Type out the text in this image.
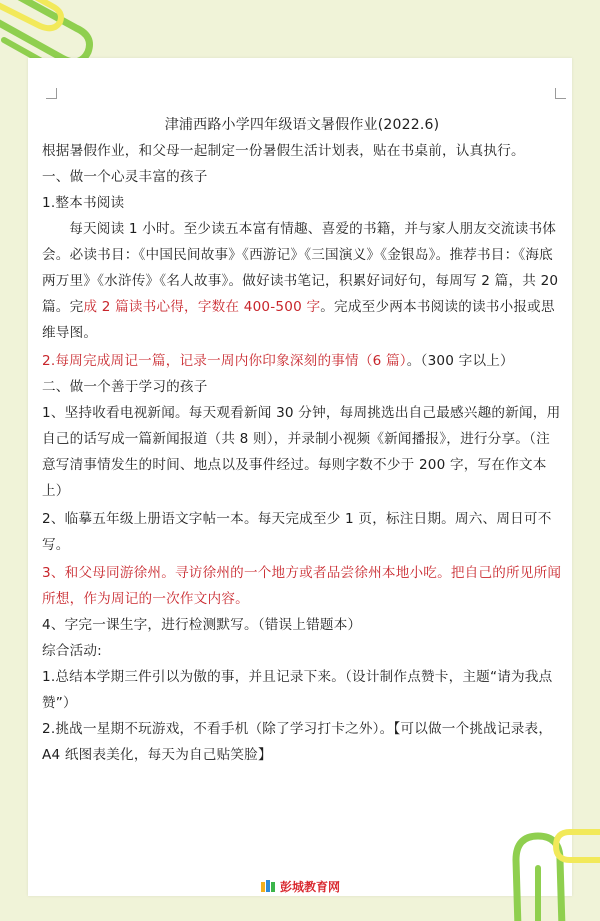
津浦西路小学四年级语文暑假作业(2022.6)

根据暑假作业，和父母一起制定一份暑假生活计划表，贴在书桌前，认真执行。

一、做一个心灵丰富的孩子

1.整本书阅读

每天阅读 1 小时。至少读五本富有情趣、喜爱的书籍，并与家人朋友交流读书体会。必读书目：《中国民间故事》《西游记》《三国演义》《金银岛》。推荐书目：《海底两万里》《水浒传》《名人故事》。做好读书笔记，积累好词好句，每周写 2 篇，共 20 篇。完成 2 篇读书心得，字数在 400-500 字。完成至少两本书阅读的读书小报或思维导图。

2.每周完成周记一篇，记录一周内你印象深刻的事情（6 篇）。（300 字以上）

二、做一个善于学习的孩子

1、坚持收看电视新闻。每天观看新闻 30 分钟，每周挑选出自己最感兴趣的新闻，用自己的话写成一篇新闻报道（共 8 则），并录制小视频《新闻播报》，进行分享。（注意写清事情发生的时间、地点以及事件经过。每则字数不少于 200 字，写在作文本上）

2、临摹五年级上册语文字帖一本。每天完成至少 1 页，标注日期。周六、周日可不写。

3、和父母同游徐州。寻访徐州的一个地方或者品尝徐州本地小吃。把自己的所见所闻所想，作为周记的一次作文内容。

4、字完一课生字，进行检测默写。（错误上错题本）

综合活动:

1.总结本学期三件引以为傲的事，并且记录下来。（设计制作点赞卡，主题“请为我点赞”）

2.挑战一星期不玩游戏，不看手机（除了学习打卡之外）。【可以做一个挑战记录表，A4 纸图表美化，每天为自己贴笑脸】

彭城教育网
